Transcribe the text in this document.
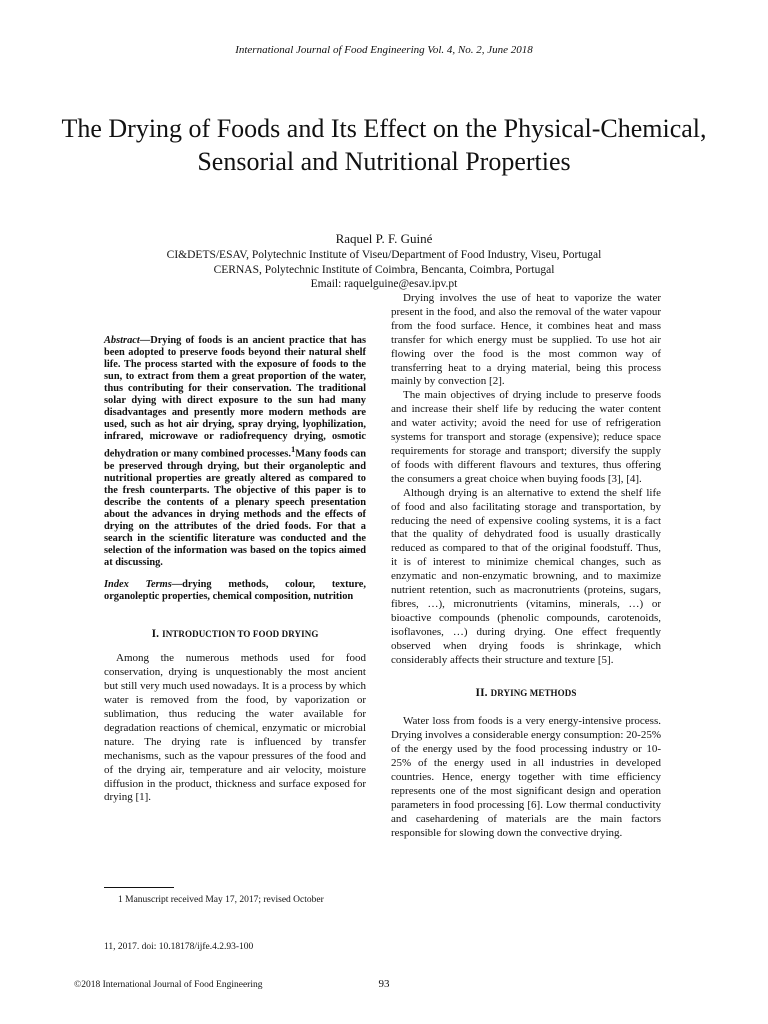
International Journal of Food Engineering Vol. 4, No. 2, June 2018
The Drying of Foods and Its Effect on the Physical-Chemical, Sensorial and Nutritional Properties
Raquel P. F. Guiné
CI&DETS/ESAV, Polytechnic Institute of Viseu/Department of Food Industry, Viseu, Portugal
CERNAS, Polytechnic Institute of Coimbra, Bencanta, Coimbra, Portugal
Email: raquelguine@esav.ipv.pt

Abstract—Drying of foods is an ancient practice that has been adopted to preserve foods beyond their natural shelf life. The process started with the exposure of foods to the sun, to extract from them a great proportion of the water, thus contributing for their conservation. The traditional solar dying with direct exposure to the sun had many disadvantages and presently more modern methods are used, such as hot air drying, spray drying, lyophilization, infrared, microwave or radiofrequency drying, osmotic dehydration or many combined processes.$^1$Many foods can be preserved through drying, but their organoleptic and nutritional properties are greatly altered as compared to the fresh counterparts. The objective of this paper is to describe the contents of a plenary speech presentation about the advances in drying methods and the effects of drying on the attributes of the dried foods. For that a search in the scientific literature was conducted and the selection of the information was based on the topics aimed at discussing.

Index Terms—drying methods, colour, texture, organoleptic properties, chemical composition, nutrition

I. INTRODUCTION TO FOOD DRYING

Among the numerous methods used for food conservation, drying is unquestionably the most ancient but still very much used nowadays. It is a process by which water is removed from the food, by vaporization or sublimation, thus reducing the water available for degradation reactions of chemical, enzymatic or microbial nature. The drying rate is influenced by transfer mechanisms, such as the vapour pressures of the food and of the drying air, temperature and air velocity, moisture diffusion in the product, thickness and surface exposed for drying [1].

Drying involves the use of heat to vaporize the water present in the food, and also the removal of the water vapour from the food surface. Hence, it combines heat and mass transfer for which energy must be supplied. To use hot air flowing over the food is the most common way of transferring heat to a drying material, being this process mainly by convection [2].

The main objectives of drying include to preserve foods and increase their shelf life by reducing the water content and water activity; avoid the need for use of refrigeration systems for transport and storage (expensive); reduce space requirements for storage and transport; diversify the supply of foods with different flavours and textures, thus offering the consumers a great choice when buying foods [3], [4].

Although drying is an alternative to extend the shelf life of food and also facilitating storage and transportation, by reducing the need of expensive cooling systems, it is a fact that the quality of dehydrated food is usually drastically reduced as compared to that of the original foodstuff. Thus, it is of interest to minimize chemical changes, such as enzymatic and non-enzymatic browning, and to maximize nutrient retention, such as macronutrients (proteins, sugars, fibres, …), micronutrients (vitamins, minerals, …) or bioactive compounds (phenolic compounds, carotenoids, isoflavones, …) during drying. One effect frequently observed when drying foods is shrinkage, which considerably affects their structure and texture [5].

II. DRYING METHODS

Water loss from foods is a very energy-intensive process. Drying involves a considerable energy consumption: 20-25% of the energy used by the food processing industry or 10-25% of the energy used in all industries in developed countries. Hence, energy together with time efficiency represents one of the most significant design and operation parameters in food processing [6]. Low thermal conductivity and casehardening of materials are the main factors responsible for slowing down the convective drying.

1 Manuscript received May 17, 2017; revised October
11, 2017. doi: 10.18178/ijfe.4.2.93-100
©2018 International Journal of Food Engineering	93
